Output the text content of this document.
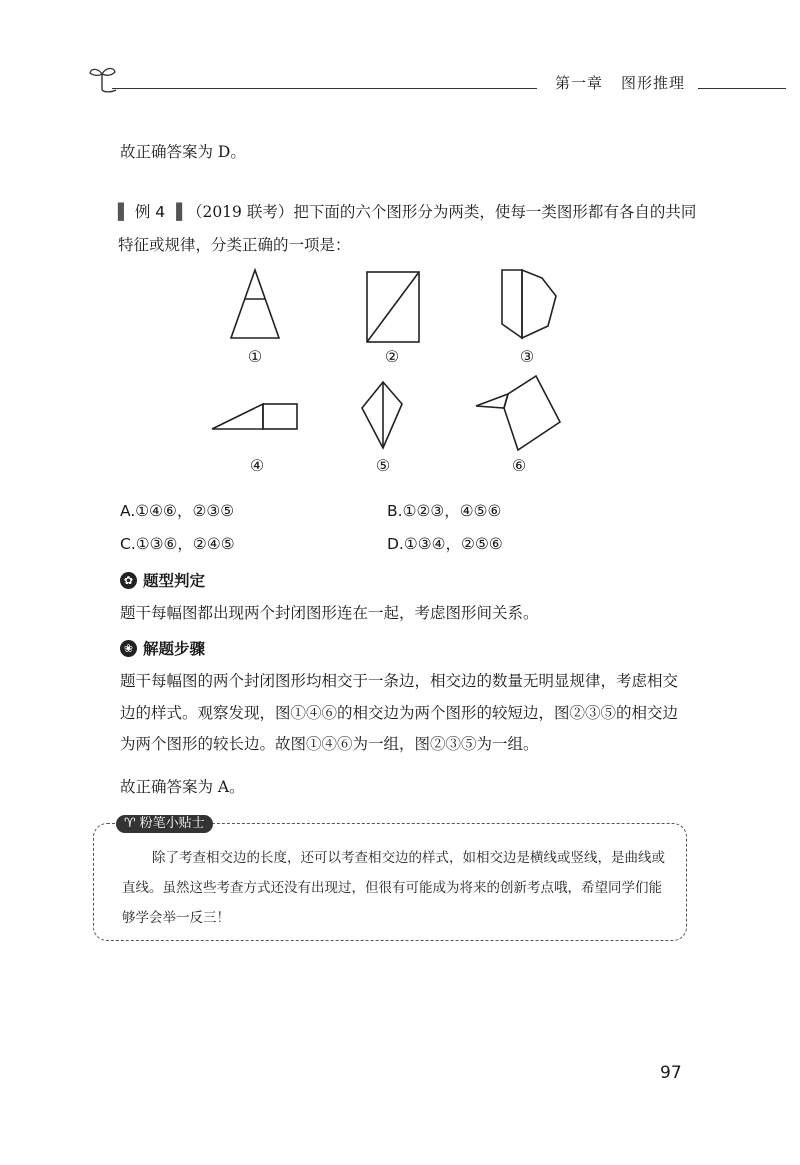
第一章 图形推理
故正确答案为 D。
▌ 例 4 ▐ （2019 联考）把下面的六个图形分为两类，使每一类图形都有各自的共同特征或规律，分类正确的一项是：
①	②	③
④	⑤	⑥
A.①④⑥，②③⑤	B.①②③，④⑤⑥
C.①③⑥，②④⑤	D.①③④，②⑤⑥
✿ 题型判定
题干每幅图都出现两个封闭图形连在一起，考虑图形间关系。
❀ 解题步骤
题干每幅图的两个封闭图形均相交于一条边，相交边的数量无明显规律，考虑相交边的样式。观察发现，图①④⑥的相交边为两个图形的较短边，图②③⑤的相交边为两个图形的较长边。故图①④⑥为一组，图②③⑤为一组。
故正确答案为 A。
♈ 粉笔小贴士
除了考查相交边的长度，还可以考查相交边的样式，如相交边是横线或竖线，是曲线或直线。虽然这些考查方式还没有出现过，但很有可能成为将来的创新考点哦，希望同学们能够学会举一反三！
97
